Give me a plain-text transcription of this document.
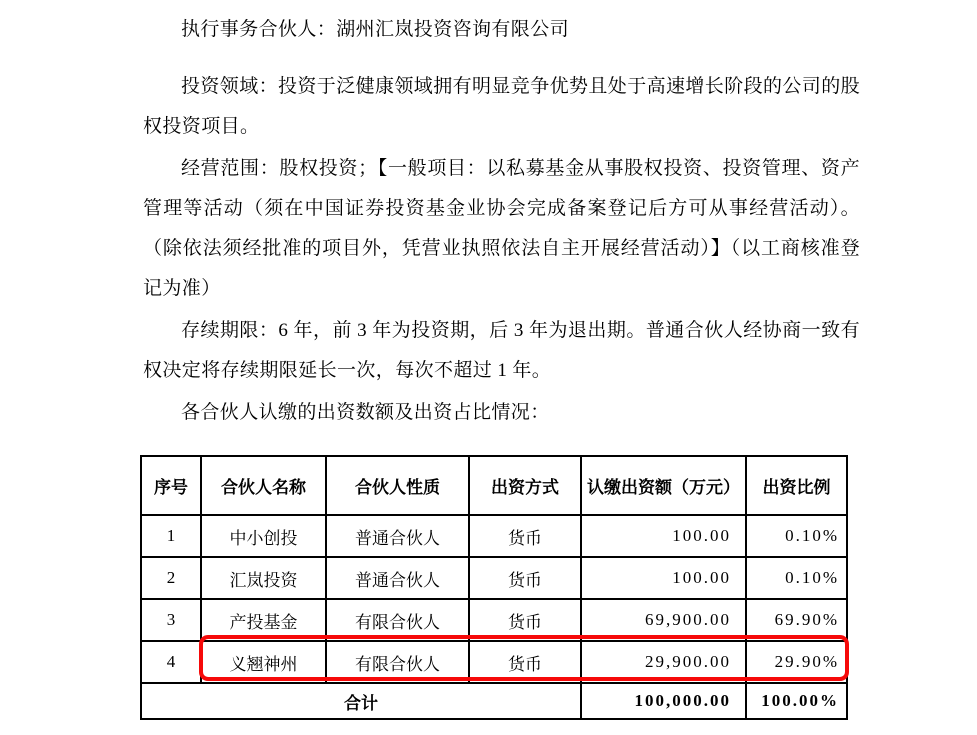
执行事务合伙人：湖州汇岚投资咨询有限公司

投资领域：投资于泛健康领域拥有明显竞争优势且处于高速增长阶段的公司的股权投资项目。

经营范围：股权投资；【一般项目：以私募基金从事股权投资、投资管理、资产管理等活动（须在中国证券投资基金业协会完成备案登记后方可从事经营活动）。（除依法须经批准的项目外，凭营业执照依法自主开展经营活动）】（以工商核准登记为准）

存续期限：6 年，前 3 年为投资期，后 3 年为退出期。普通合伙人经协商一致有权决定将存续期限延长一次，每次不超过 1 年。

各合伙人认缴的出资数额及出资占比情况：

序号	合伙人名称	合伙人性质	出资方式	认缴出资额（万元）	出资比例
1	中小创投	普通合伙人	货币	100.00	0.10%
2	汇岚投资	普通合伙人	货币	100.00	0.10%
3	产投基金	有限合伙人	货币	69,900.00	69.90%
4	义翘神州	有限合伙人	货币	29,900.00	29.90%
合计				100,000.00	100.00%
